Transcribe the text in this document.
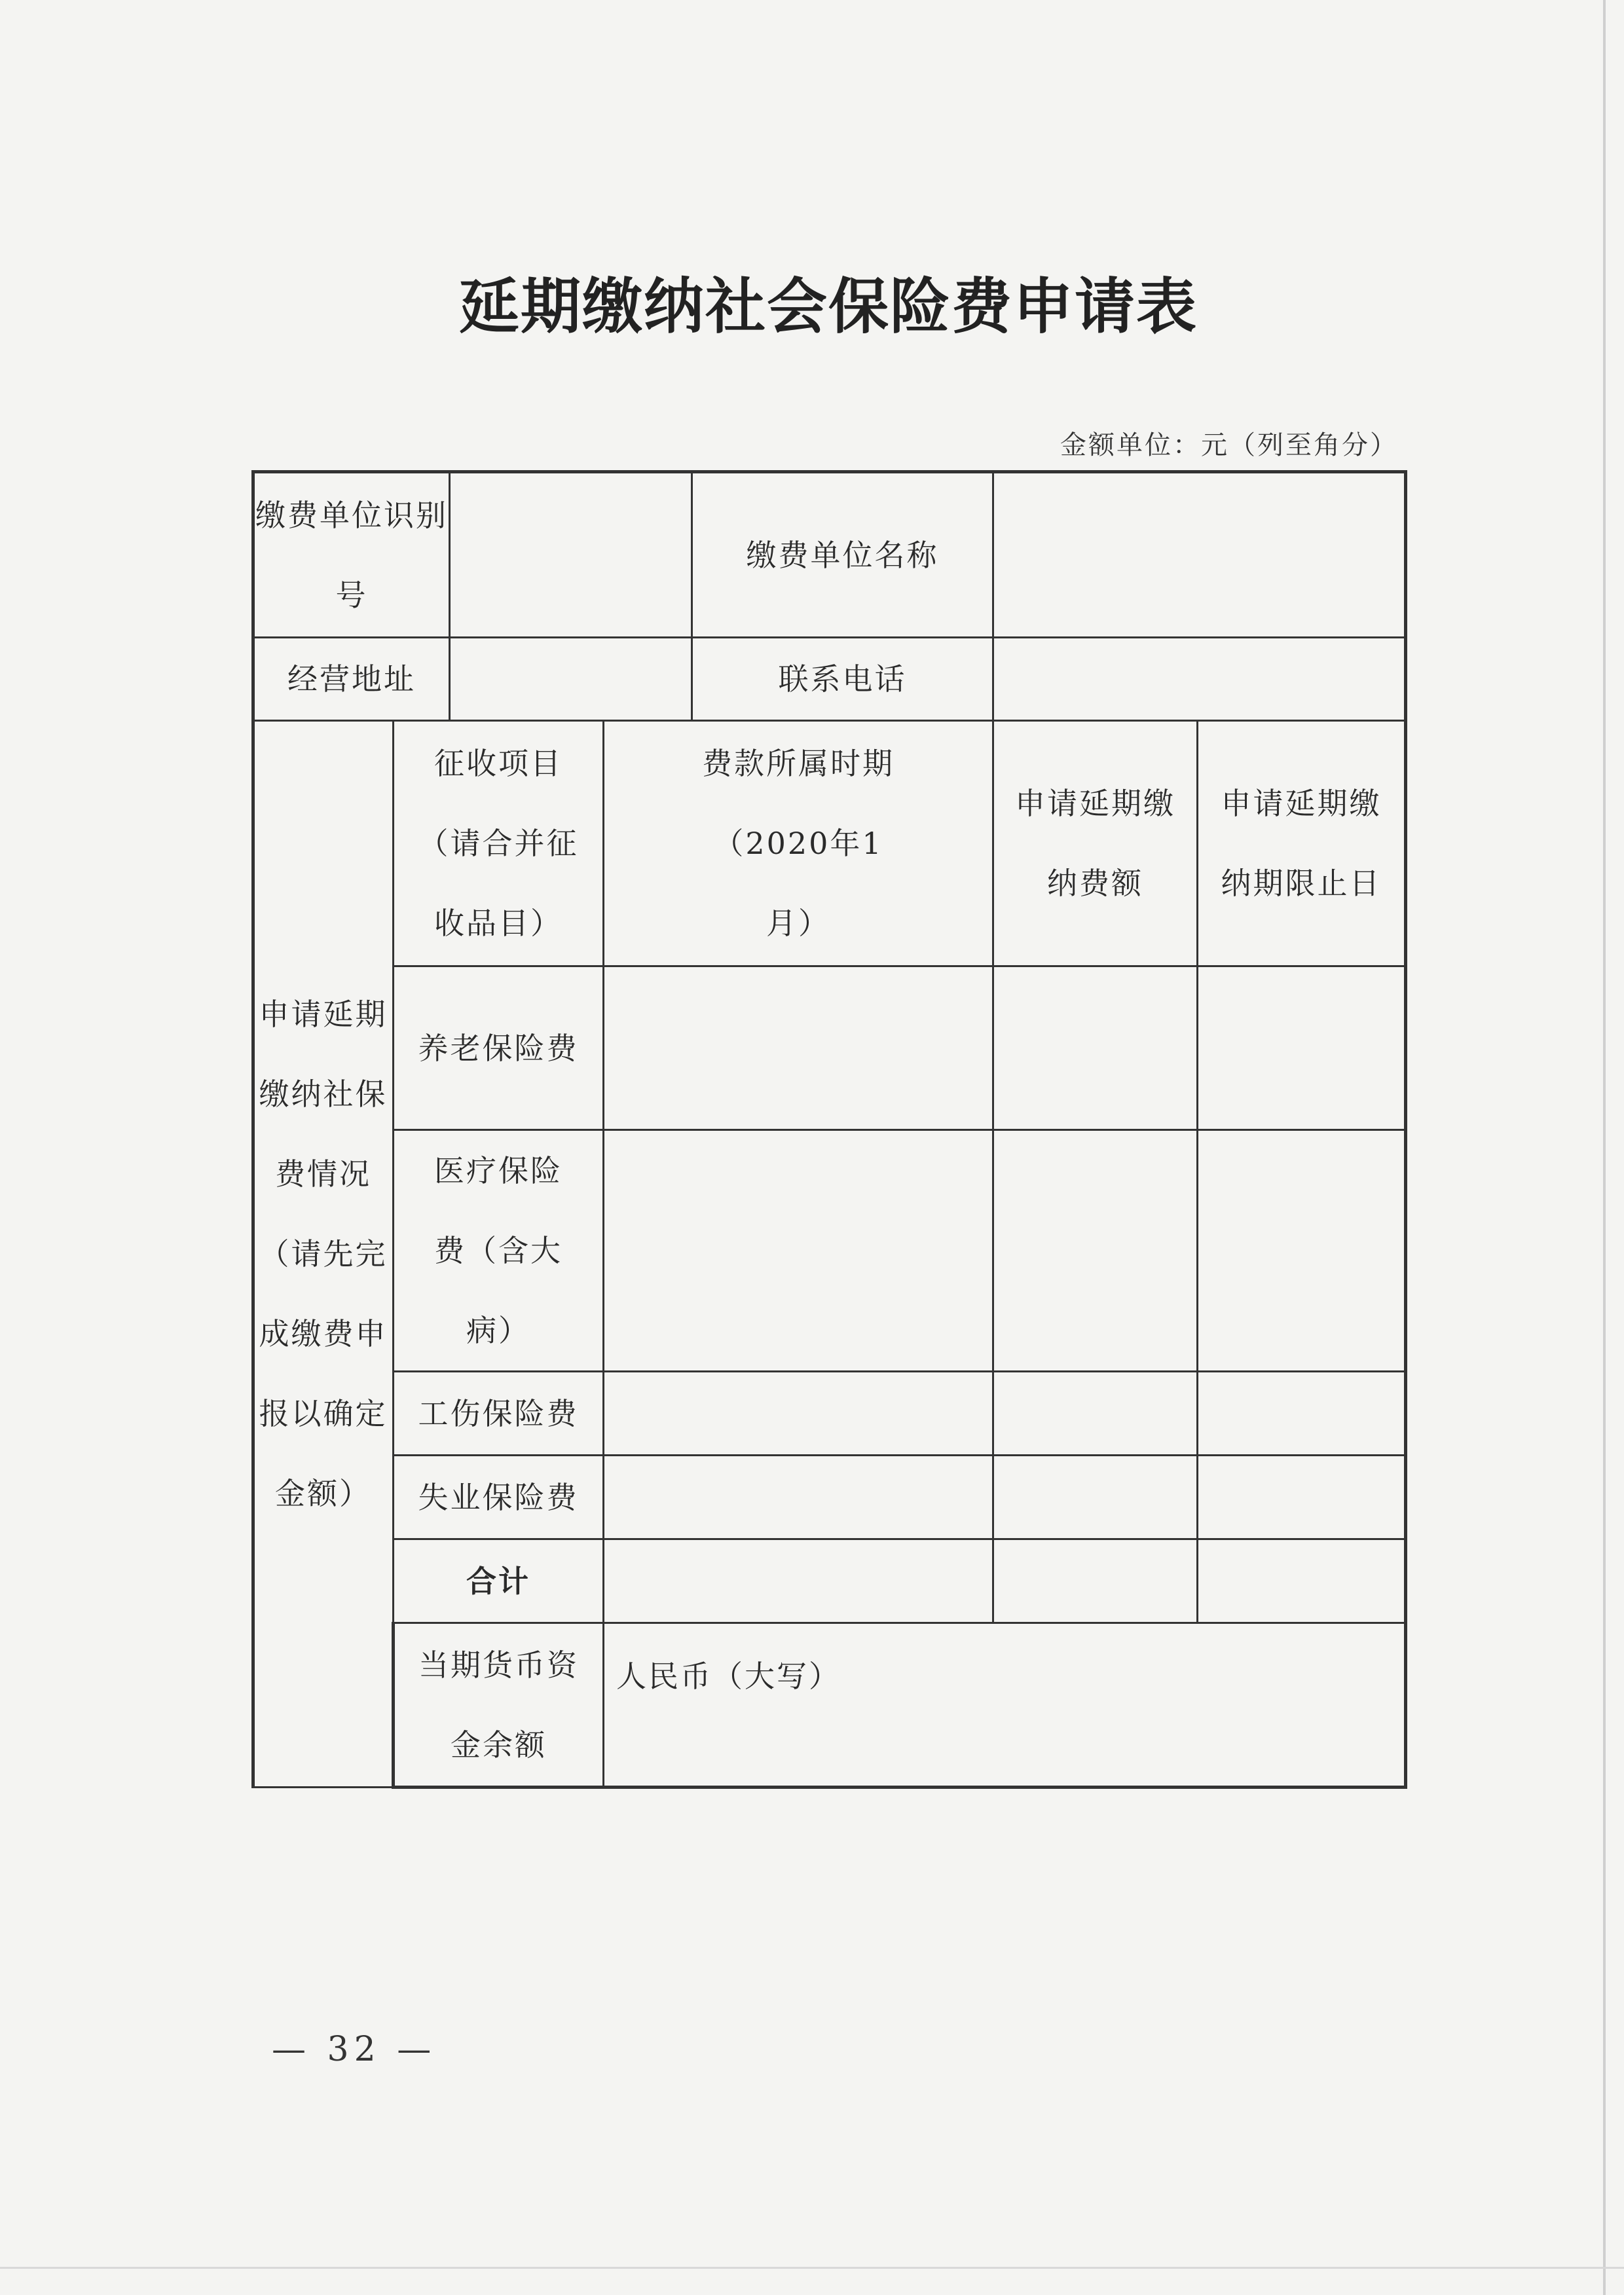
延期缴纳社会保险费申请表
金额单位：元（列至角分）
缴费单位识别号				缴费单位名称		
经营地址				联系电话		
申请延期缴纳社保费情况（请先完成缴费申报以确定金额）	征收项目（请合并征收品目）		费款所属时期（2020年1月）		申请延期缴纳费额	申请延期缴纳期限止日
	养老保险费					
	医疗保险费（含大病）					
	工伤保险费					
	失业保险费					
	合计					
	当期货币资金余额		人民币（大写）			
— 32 —
